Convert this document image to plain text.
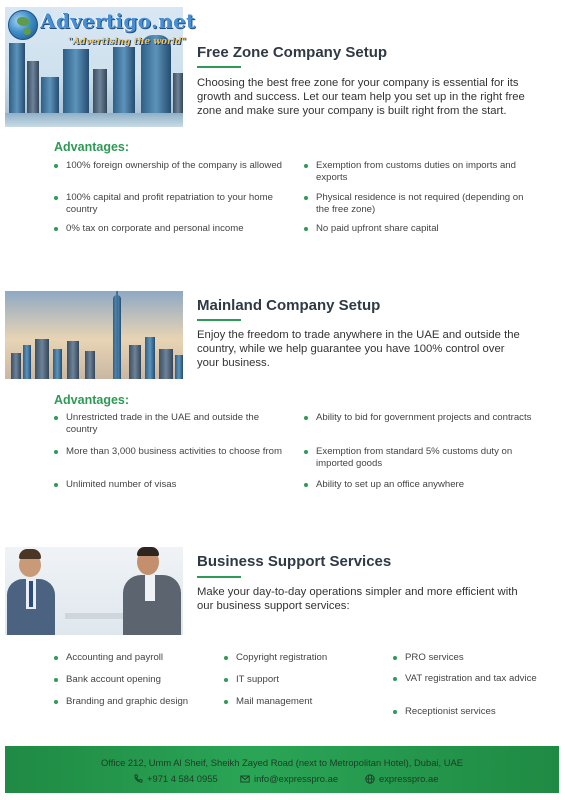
Advertigo.net
"Advertising the world"
Free Zone Company Setup
Choosing the best free zone for your company is essential for its growth and success. Let our team help you set up in the right free zone and make sure your company is built right from the start.
Advantages:
100% foreign ownership of the company is allowed
100% capital and profit repatriation to your home country
0% tax on corporate and personal income
Exemption from customs duties on imports and exports
Physical residence is not required (depending on the free zone)
No paid upfront share capital
Mainland Company Setup
Enjoy the freedom to trade anywhere in the UAE and outside the country, while we help guarantee you have 100% control over your business.
Advantages:
Unrestricted trade in the UAE and outside the country
More than 3,000 business activities to choose from
Unlimited number of visas
Ability to bid for government projects and contracts
Exemption from standard 5% customs duty on imported goods
Ability to set up an office anywhere
Business Support Services
Make your day-to-day operations simpler and more efficient with our business support services:
Accounting and payroll
Bank account opening
Branding and graphic design
Copyright registration
IT support
Mail management
PRO services
VAT registration and tax advice
Receptionist services
Office 212, Umm Al Sheif, Sheikh Zayed Road (next to Metropolitan Hotel), Dubai, UAE
+971 4 584 0955	info@expresspro.ae	expresspro.ae
